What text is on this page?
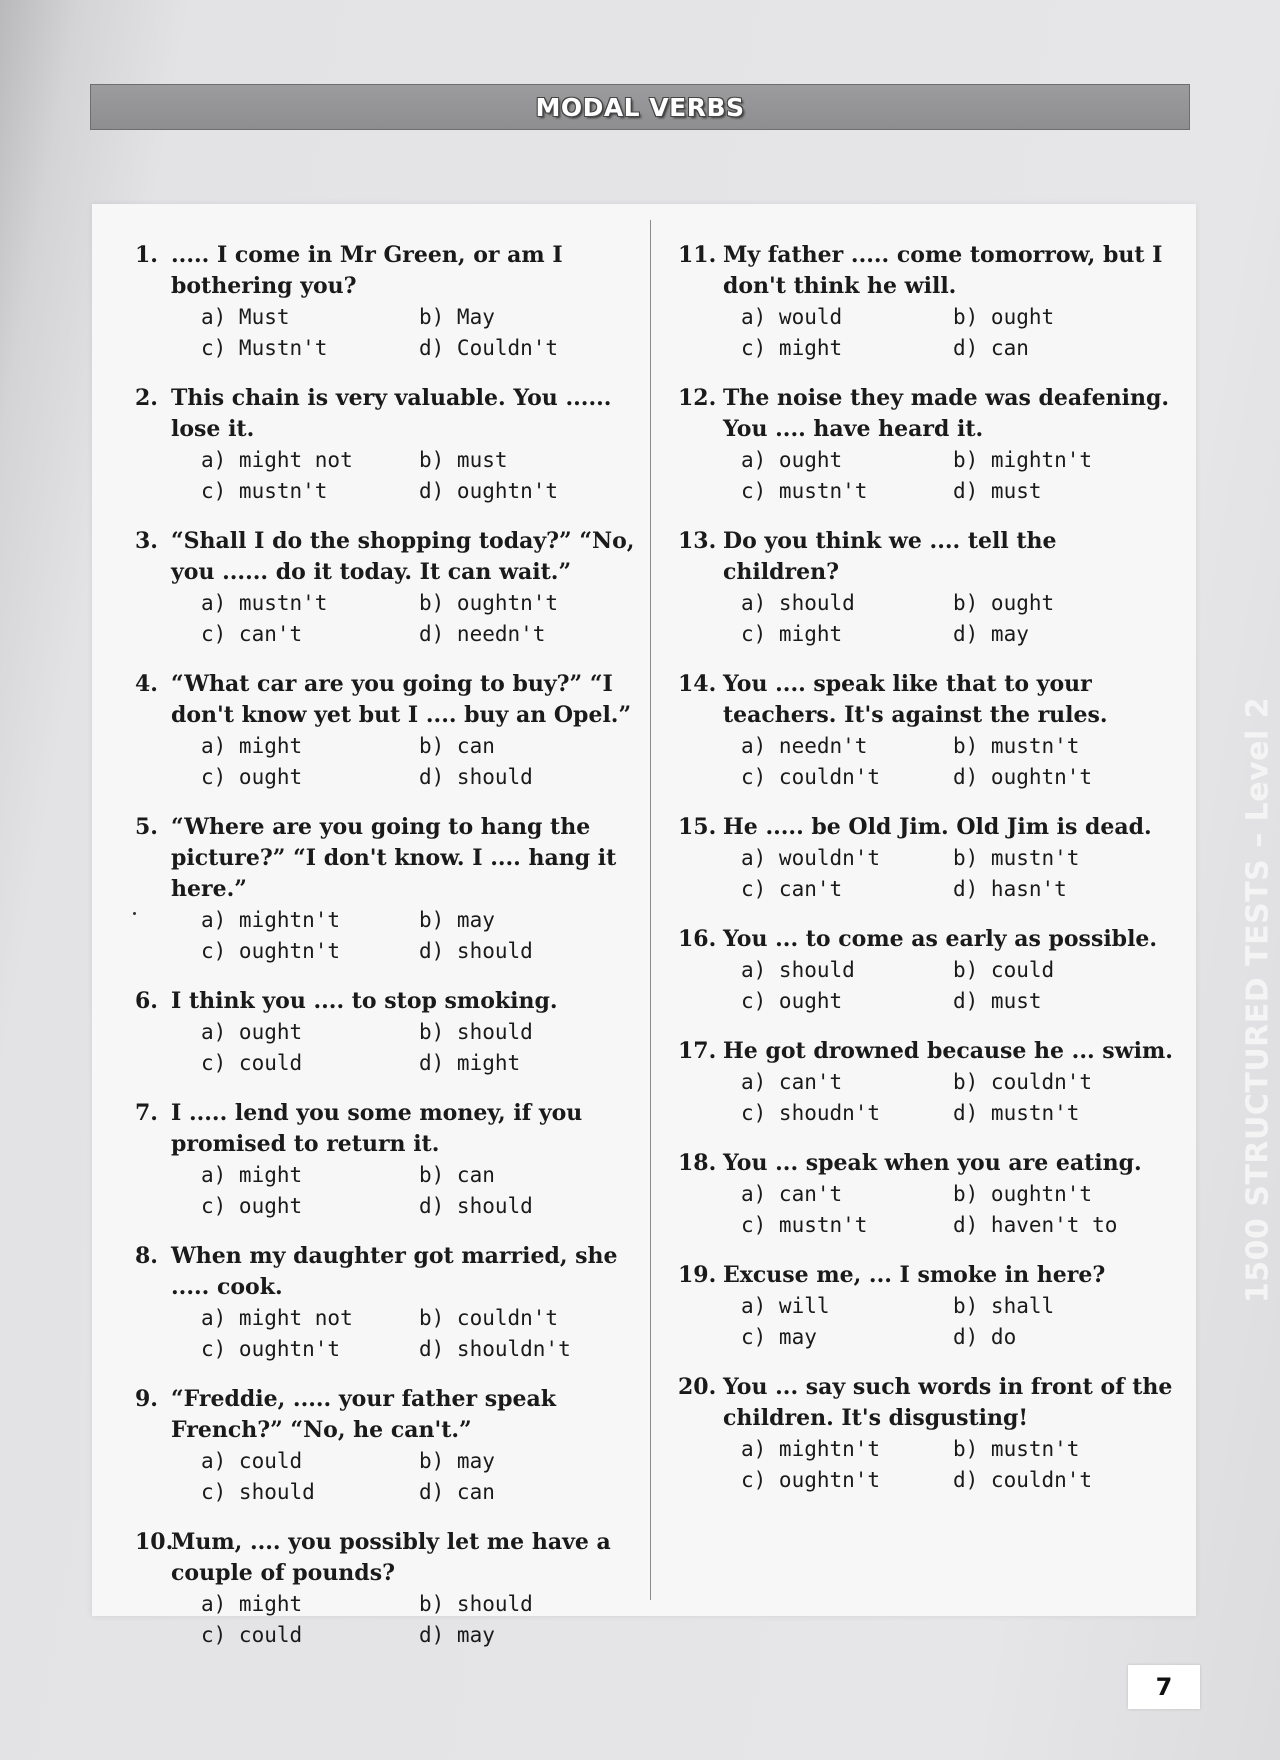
MODAL VERBS
1. ..... I come in Mr Green, or am I bothering you?
a) Must	b) May
c) Mustn't	d) Couldn't
2. This chain is very valuable. You ...... lose it.
a) might not	b) must
c) mustn't	d) oughtn't
3. “Shall I do the shopping today?” “No, you ...... do it today. It can wait.”
a) mustn't	b) oughtn't
c) can't	d) needn't
4. “What car are you going to buy?” “I don't know yet but I .... buy an Opel.”
a) might	b) can
c) ought	d) should
5. “Where are you going to hang the picture?” “I don't know. I .... hang it here.”
a) mightn't	b) may
c) oughtn't	d) should
6. I think you .... to stop smoking.
a) ought	b) should
c) could	d) might
7. I ..... lend you some money, if you promised to return it.
a) might	b) can
c) ought	d) should
8. When my daughter got married, she ..... cook.
a) might not	b) couldn't
c) oughtn't	d) shouldn't
9. “Freddie, ..... your father speak French?” “No, he can't.”
a) could	b) may
c) should	d) can
10.
Mum, .... you possibly let me have a couple of pounds?
a) might	b) should
c) could	d) may
11. My father ..... come tomorrow, but I don't think he will.
a) would	b) ought
c) might	d) can
12. The noise they made was deafening. You .... have heard it.
a) ought	b) mightn't
c) mustn't	d) must
13. Do you think we .... tell the children?
a) should	b) ought
c) might	d) may
14. You .... speak like that to your teachers. It's against the rules.
a) needn't	b) mustn't
c) couldn't	d) oughtn't
15. He ..... be Old Jim. Old Jim is dead.
a) wouldn't	b) mustn't
c) can't	d) hasn't
16. You ... to come as early as possible.
a) should	b) could
c) ought	d) must
17. He got drowned because he ... swim.
a) can't	b) couldn't
c) shoudn't	d) mustn't
18. You ... speak when you are eating.
a) can't	b) oughtn't
c) mustn't	d) haven't to
19. Excuse me, ... I smoke in here?
a) will	b) shall
c) may	d) do
20. You ... say such words in front of the children. It's disgusting!
a) mightn't	b) mustn't
c) oughtn't	d) couldn't
1500 STRUCTURED TESTS – Level 2
7
